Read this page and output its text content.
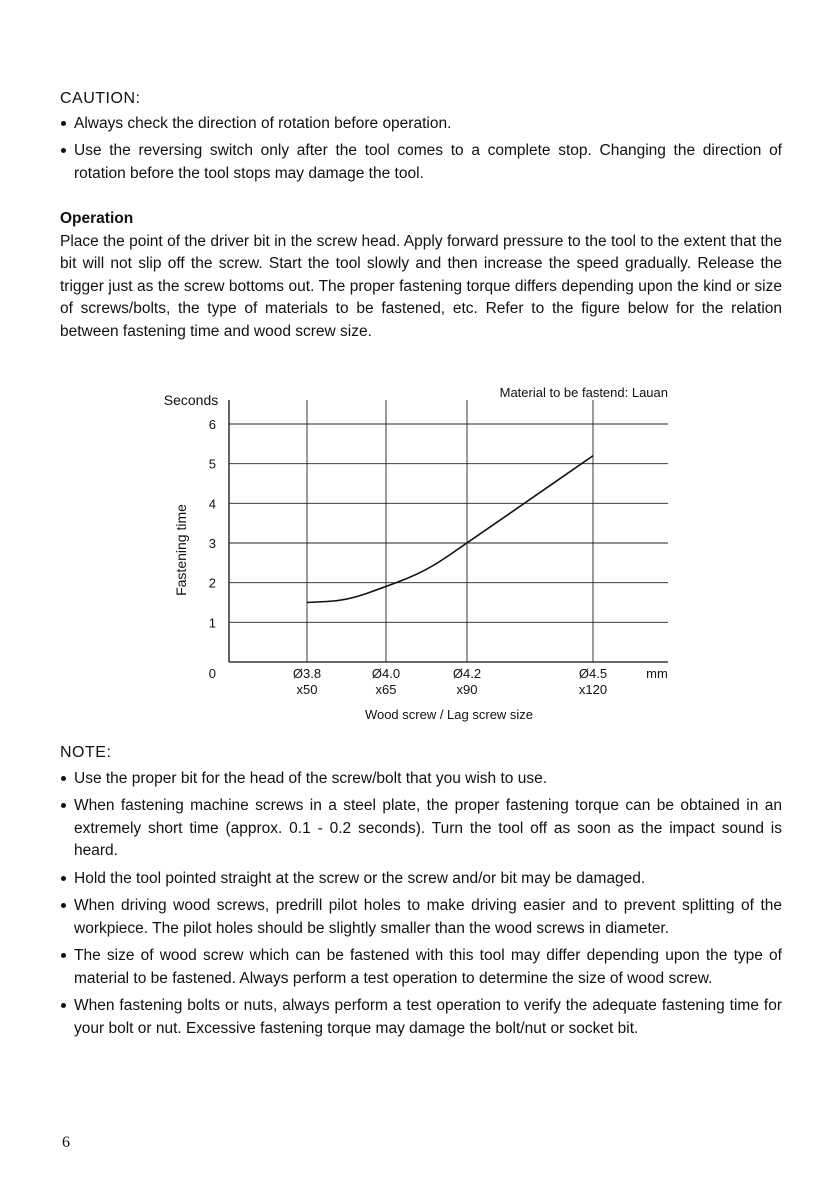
CAUTION:
Always check the direction of rotation before operation.
Use the reversing switch only after the tool comes to a complete stop. Changing the direction of rotation before the tool stops may damage the tool.
Operation

Place the point of the driver bit in the screw head. Apply forward pressure to the tool to the extent that the bit will not slip off the screw. Start the tool slowly and then increase the speed gradually. Release the trigger just as the screw bottoms out. The proper fastening torque differs depending upon the kind or size of screws/bolts, the type of materials to be fastened, etc. Refer to the figure below for the relation between fastening time and wood screw size.

Material to be fastend: Lauan
Seconds
Fastening time
Wood screw / Lag screw size
mm
0
1
2
3
4
5
6
Ø3.8
x50
Ø4.0
x65
Ø4.2
x90
Ø4.5
x120
NOTE:
Use the proper bit for the head of the screw/bolt that you wish to use.
When fastening machine screws in a steel plate, the proper fastening torque can be obtained in an extremely short time (approx. 0.1 - 0.2 seconds). Turn the tool off as soon as the impact sound is heard.
Hold the tool pointed straight at the screw or the screw and/or bit may be damaged.
When driving wood screws, predrill pilot holes to make driving easier and to prevent splitting of the workpiece. The pilot holes should be slightly smaller than the wood screws in diameter.
The size of wood screw which can be fastened with this tool may differ depending upon the type of material to be fastened. Always perform a test operation to determine the size of wood screw.
When fastening bolts or nuts, always perform a test operation to verify the adequate fastening time for your bolt or nut. Excessive fastening torque may damage the bolt/nut or socket bit.
6
